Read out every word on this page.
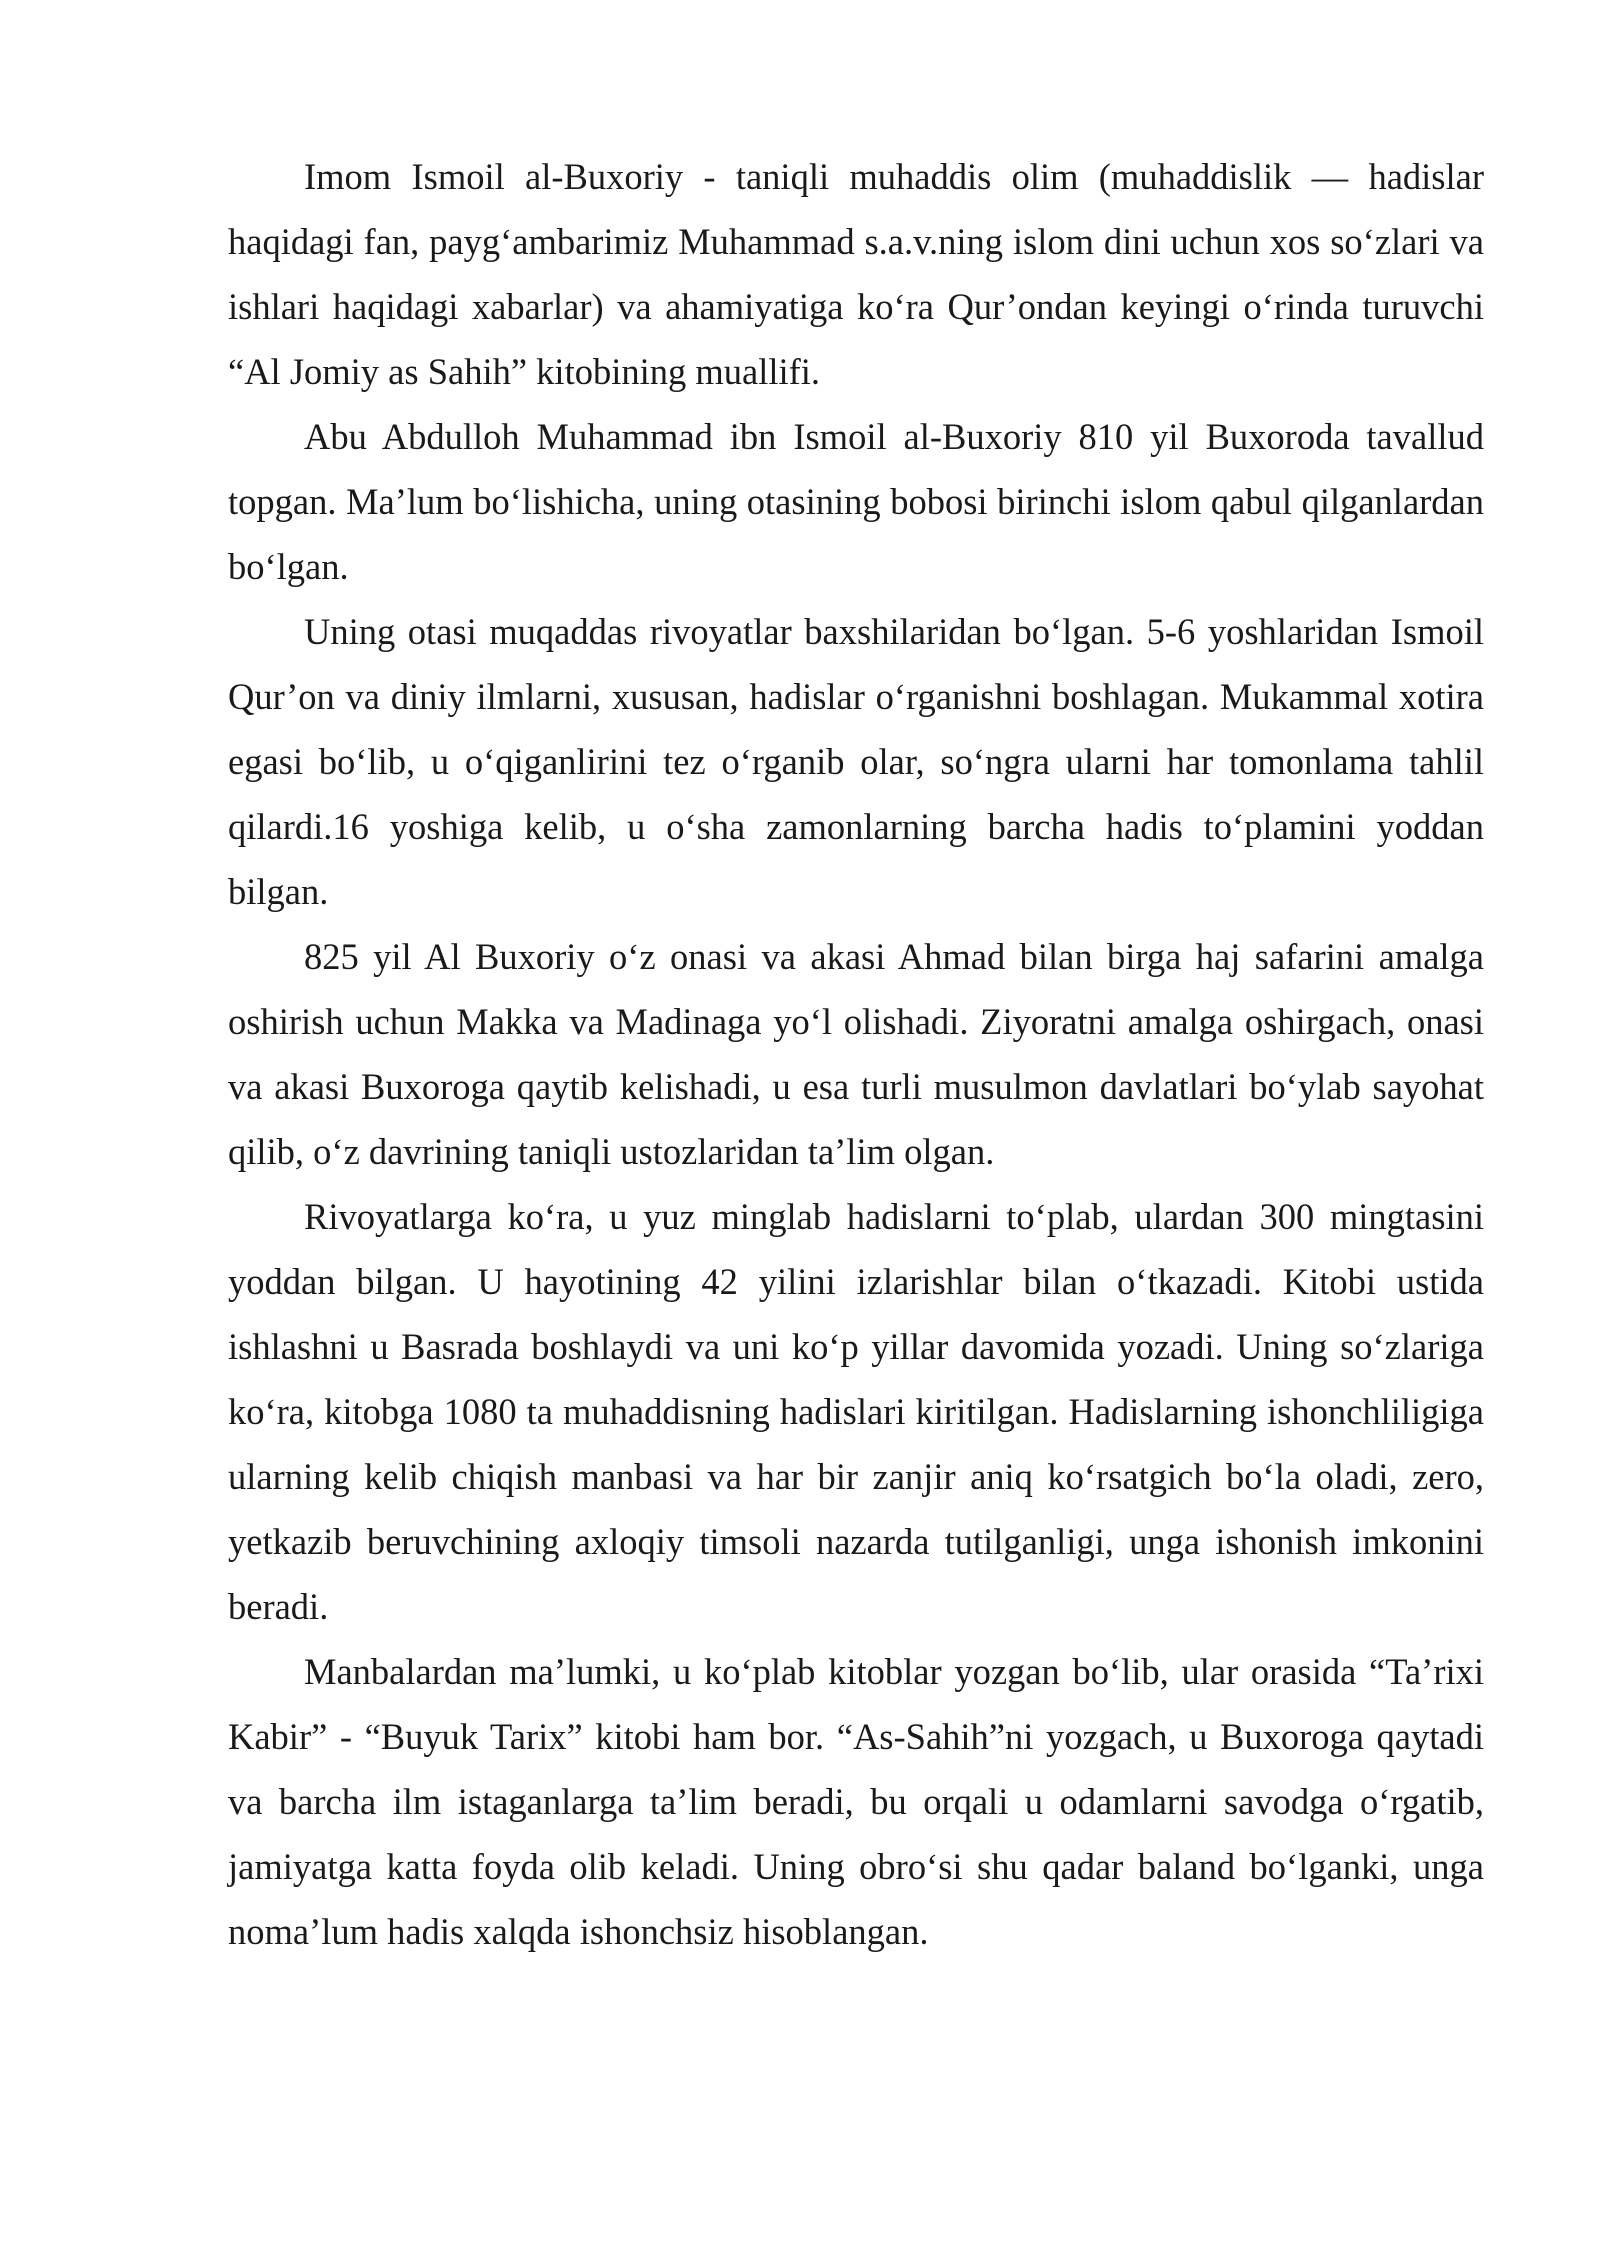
Imom Ismoil al-Buxoriy - taniqli muhaddis olim (muhaddislik — hadislar haqidagi fan, payg‘ambarimiz Muhammad s.a.v.ning islom dini uchun xos so‘zlari va ishlari haqidagi xabarlar) va ahamiyatiga ko‘ra Qur’ondan keyingi o‘rinda turuvchi “Al Jomiy as Sahih” kitobining muallifi.

Abu Abdulloh Muhammad ibn Ismoil al-Buxoriy 810 yil Buxoroda tavallud topgan. Ma’lum bo‘lishicha, uning otasining bobosi birinchi islom qabul qilganlardan bo‘lgan.

Uning otasi muqaddas rivoyatlar baxshilaridan bo‘lgan. 5-6 yoshlaridan Ismoil Qur’on va diniy ilmlarni, xususan, hadislar o‘rganishni boshlagan. Mukammal xotira egasi bo‘lib, u o‘qiganlirini tez o‘rganib olar, so‘ngra ularni har tomonlama tahlil qilardi.16 yoshiga kelib, u o‘sha zamonlarning barcha hadis to‘plamini yoddan bilgan.

825 yil Al Buxoriy o‘z onasi va akasi Ahmad bilan birga haj safarini amalga oshirish uchun Makka va Madinaga yo‘l olishadi. Ziyoratni amalga oshirgach, onasi va akasi Buxoroga qaytib kelishadi, u esa turli musulmon davlatlari bo‘ylab sayohat qilib, o‘z davrining taniqli ustozlaridan ta’lim olgan.

Rivoyatlarga ko‘ra, u yuz minglab hadislarni to‘plab, ulardan 300 mingtasini yoddan bilgan. U hayotining 42 yilini izlarishlar bilan o‘tkazadi. Kitobi ustida ishlashni u Basrada boshlaydi va uni ko‘p yillar davomida yozadi. Uning so‘zlariga ko‘ra, kitobga 1080 ta muhaddisning hadislari kiritilgan. Hadislarning ishonchliligiga ularning kelib chiqish manbasi va har bir zanjir aniq ko‘rsatgich bo‘la oladi, zero, yetkazib beruvchining axloqiy timsoli nazarda tutilganligi, unga ishonish imkonini beradi.

Manbalardan ma’lumki, u ko‘plab kitoblar yozgan bo‘lib, ular orasida “Ta’rixi Kabir” - “Buyuk Tarix” kitobi ham bor. “As-Sahih”ni yozgach, u Buxoroga qaytadi va barcha ilm istaganlarga ta’lim beradi, bu orqali u odamlarni savodga o‘rgatib, jamiyatga katta foyda olib keladi. Uning obro‘si shu qadar baland bo‘lganki, unga noma’lum hadis xalqda ishonchsiz hisoblangan.
